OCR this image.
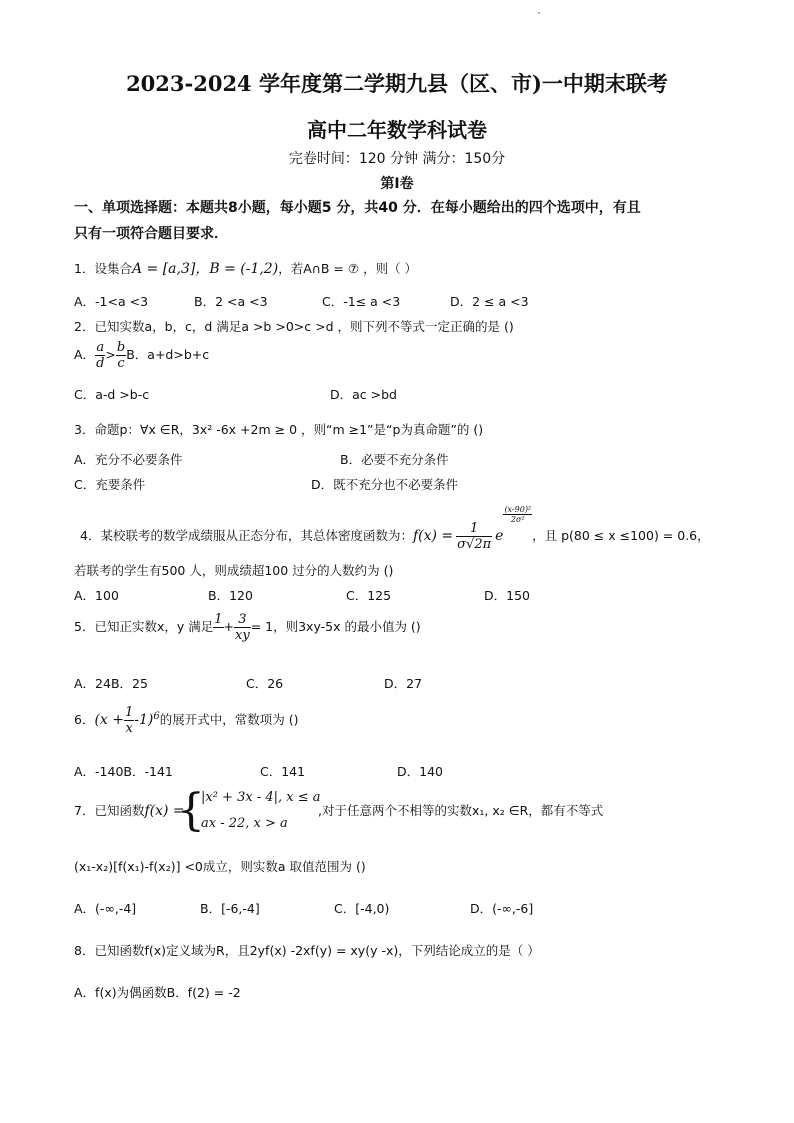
2023-2024 学年度第二学期九县（区、市)一中期末联考
高中二年数学科试卷
完卷时间：120 分钟 满分：150分
第Ⅰ卷
一、单项选择题：本题共8小题，每小题5 分，共40 分．在每小题给出的四个选项中，有且
只有一项符合题目要求．
1．设集合A = [a,3]，B = (-1,2)，若A∩B = ⑦ ，则（ ）
A．-1<a <3	B．2 <a <3	C．-1≤ a <3	D．2 ≤ a <3
2．已知实数a，b，c，d 满足a >b >0>c >d ，则下列不等式一定正确的是 ()
A． $\frac{a}{d} > \frac{b}{c}$ B．a+d>b+c
C．a-d >b-c	D．ac >bd
3．命题p：∀x ∈R，3x² -6x +2m ≥ 0 ，则“m ≥1”是“p为真命题”的 ()
A．充分不必要条件	B．必要不充分条件
C．充要条件	D．既不充分也不必要条件
4．某校联考的数学成绩服从正态分布，其总体密度函数为：$f(x) = \frac{1}{\sigma√2\pi}$ e
$\frac{\text{(x-90)²}}{\text{2σ²}}$
，且 p(80 ≤ x ≤100) = 0.6，
若联考的学生有500 人，则成绩超100 过分的人数约为 ()
A．100	B．120	C．125	D．150
5．已知正实数x，y 满足 1
+ $\frac{3}{xy} = 1$，则3xy-5x 的最小值为 ()
A．24B．25	C．26	D．27
6．$(x + \frac{1}{x} -1)^6$的展开式中，常数项为 ()
A．-140B．-141	C．141	D．140
7．已知函数f(x) =
{
|x² + 3x - 4|, x ≤ a
ax - 22, x > a
,对于任意两个不相等的实数x₁, x₂ ∈R，都有不等式
(x₁-x₂)[f(x₁)-f(x₂)] <0成立，则实数a 取值范围为 ()
A．(-∞,-4]	B．[-6,-4]	C．[-4,0)	D．(-∞,-6]
8．已知函数f(x)定义域为R，且2yf(x) -2xf(y) = xy(y -x)，下列结论成立的是（ ）
A．f(x)为偶函数B．f(2) = -2
